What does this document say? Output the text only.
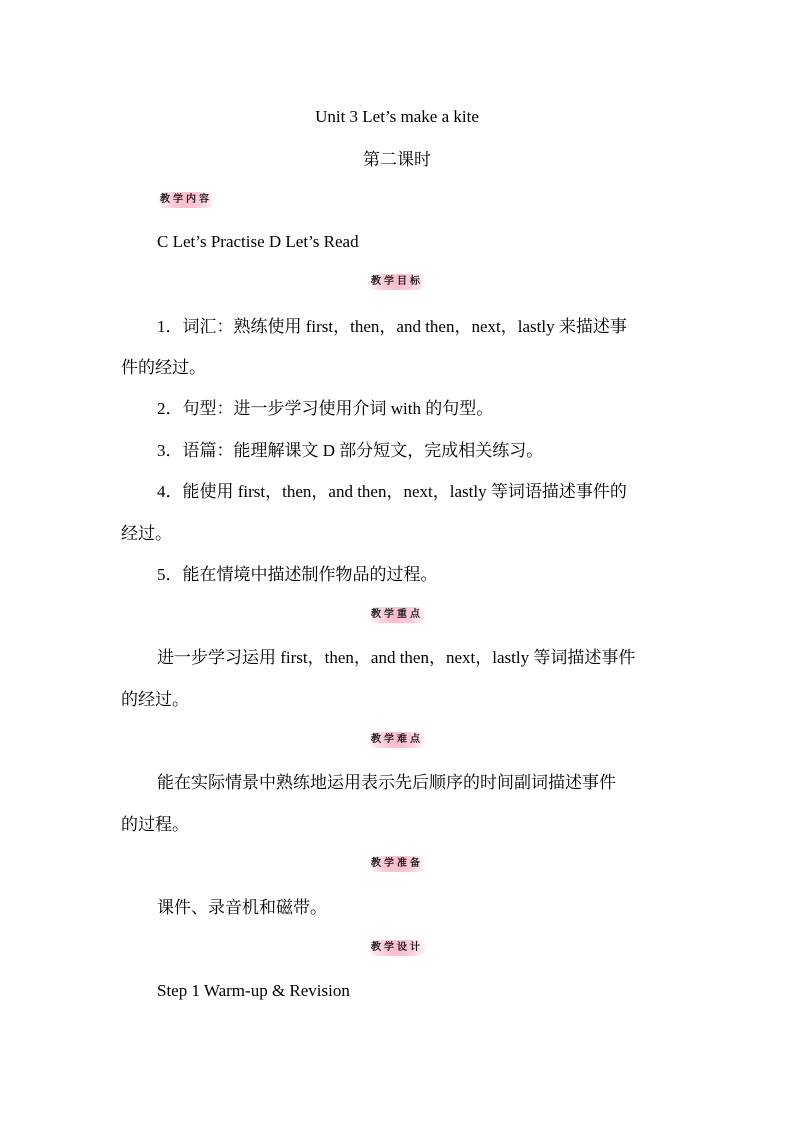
Unit 3 Let’s make a kite

第二课时

教学内容

C Let’s Practise D Let’s Read

教学目标

1．词汇：熟练使用 first，then，and then，next，lastly 来描述事

件的经过。

2．句型：进一步学习使用介词 with 的句型。

3．语篇：能理解课文 D 部分短文，完成相关练习。

4．能使用 first，then，and then，next，lastly 等词语描述事件的

经过。

5．能在情境中描述制作物品的过程。

教学重点

进一步学习运用 first，then，and then，next，lastly 等词描述事件

的经过。

教学难点

能在实际情景中熟练地运用表示先后顺序的时间副词描述事件

的过程。

教学准备

课件、录音机和磁带。

教学设计

Step 1 Warm-up & Revision
